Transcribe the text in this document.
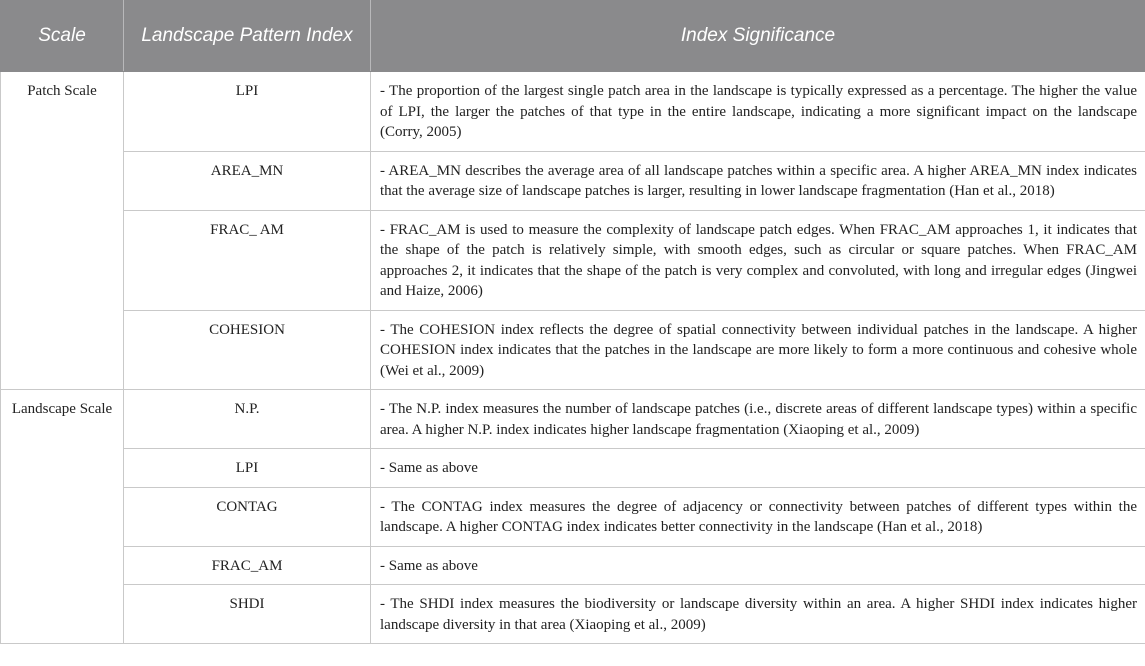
Scale	Landscape Pattern Index	Index Significance
Patch Scale	LPI	- The proportion of the largest single patch area in the landscape is typically expressed as a percentage. The higher the value of LPI, the larger the patches of that type in the entire landscape, indicating a more significant impact on the landscape (Corry, 2005)
	AREA_MN	- AREA_MN describes the average area of all landscape patches within a specific area. A higher AREA_MN index indicates that the average size of landscape patches is larger, resulting in lower landscape fragmentation (Han et al., 2018)
	FRAC_ AM	- FRAC_AM is used to measure the complexity of landscape patch edges. When FRAC_AM approaches 1, it indicates that the shape of the patch is relatively simple, with smooth edges, such as circular or square patches. When FRAC_AM approaches 2, it indicates that the shape of the patch is very complex and convoluted, with long and irregular edges (Jingwei and Haize, 2006)
	COHESION	- The COHESION index reflects the degree of spatial connectivity between individual patches in the landscape. A higher COHESION index indicates that the patches in the landscape are more likely to form a more continuous and cohesive whole (Wei et al., 2009)
Landscape Scale	N.P.	- The N.P. index measures the number of landscape patches (i.e., discrete areas of different landscape types) within a specific area. A higher N.P. index indicates higher landscape fragmentation (Xiaoping et al., 2009)
	LPI	- Same as above
	CONTAG	- The CONTAG index measures the degree of adjacency or connectivity between patches of different types within the landscape. A higher CONTAG index indicates better connectivity in the landscape (Han et al., 2018)
	FRAC_AM	- Same as above
	SHDI	- The SHDI index measures the biodiversity or landscape diversity within an area. A higher SHDI index indicates higher landscape diversity in that area (Xiaoping et al., 2009)
